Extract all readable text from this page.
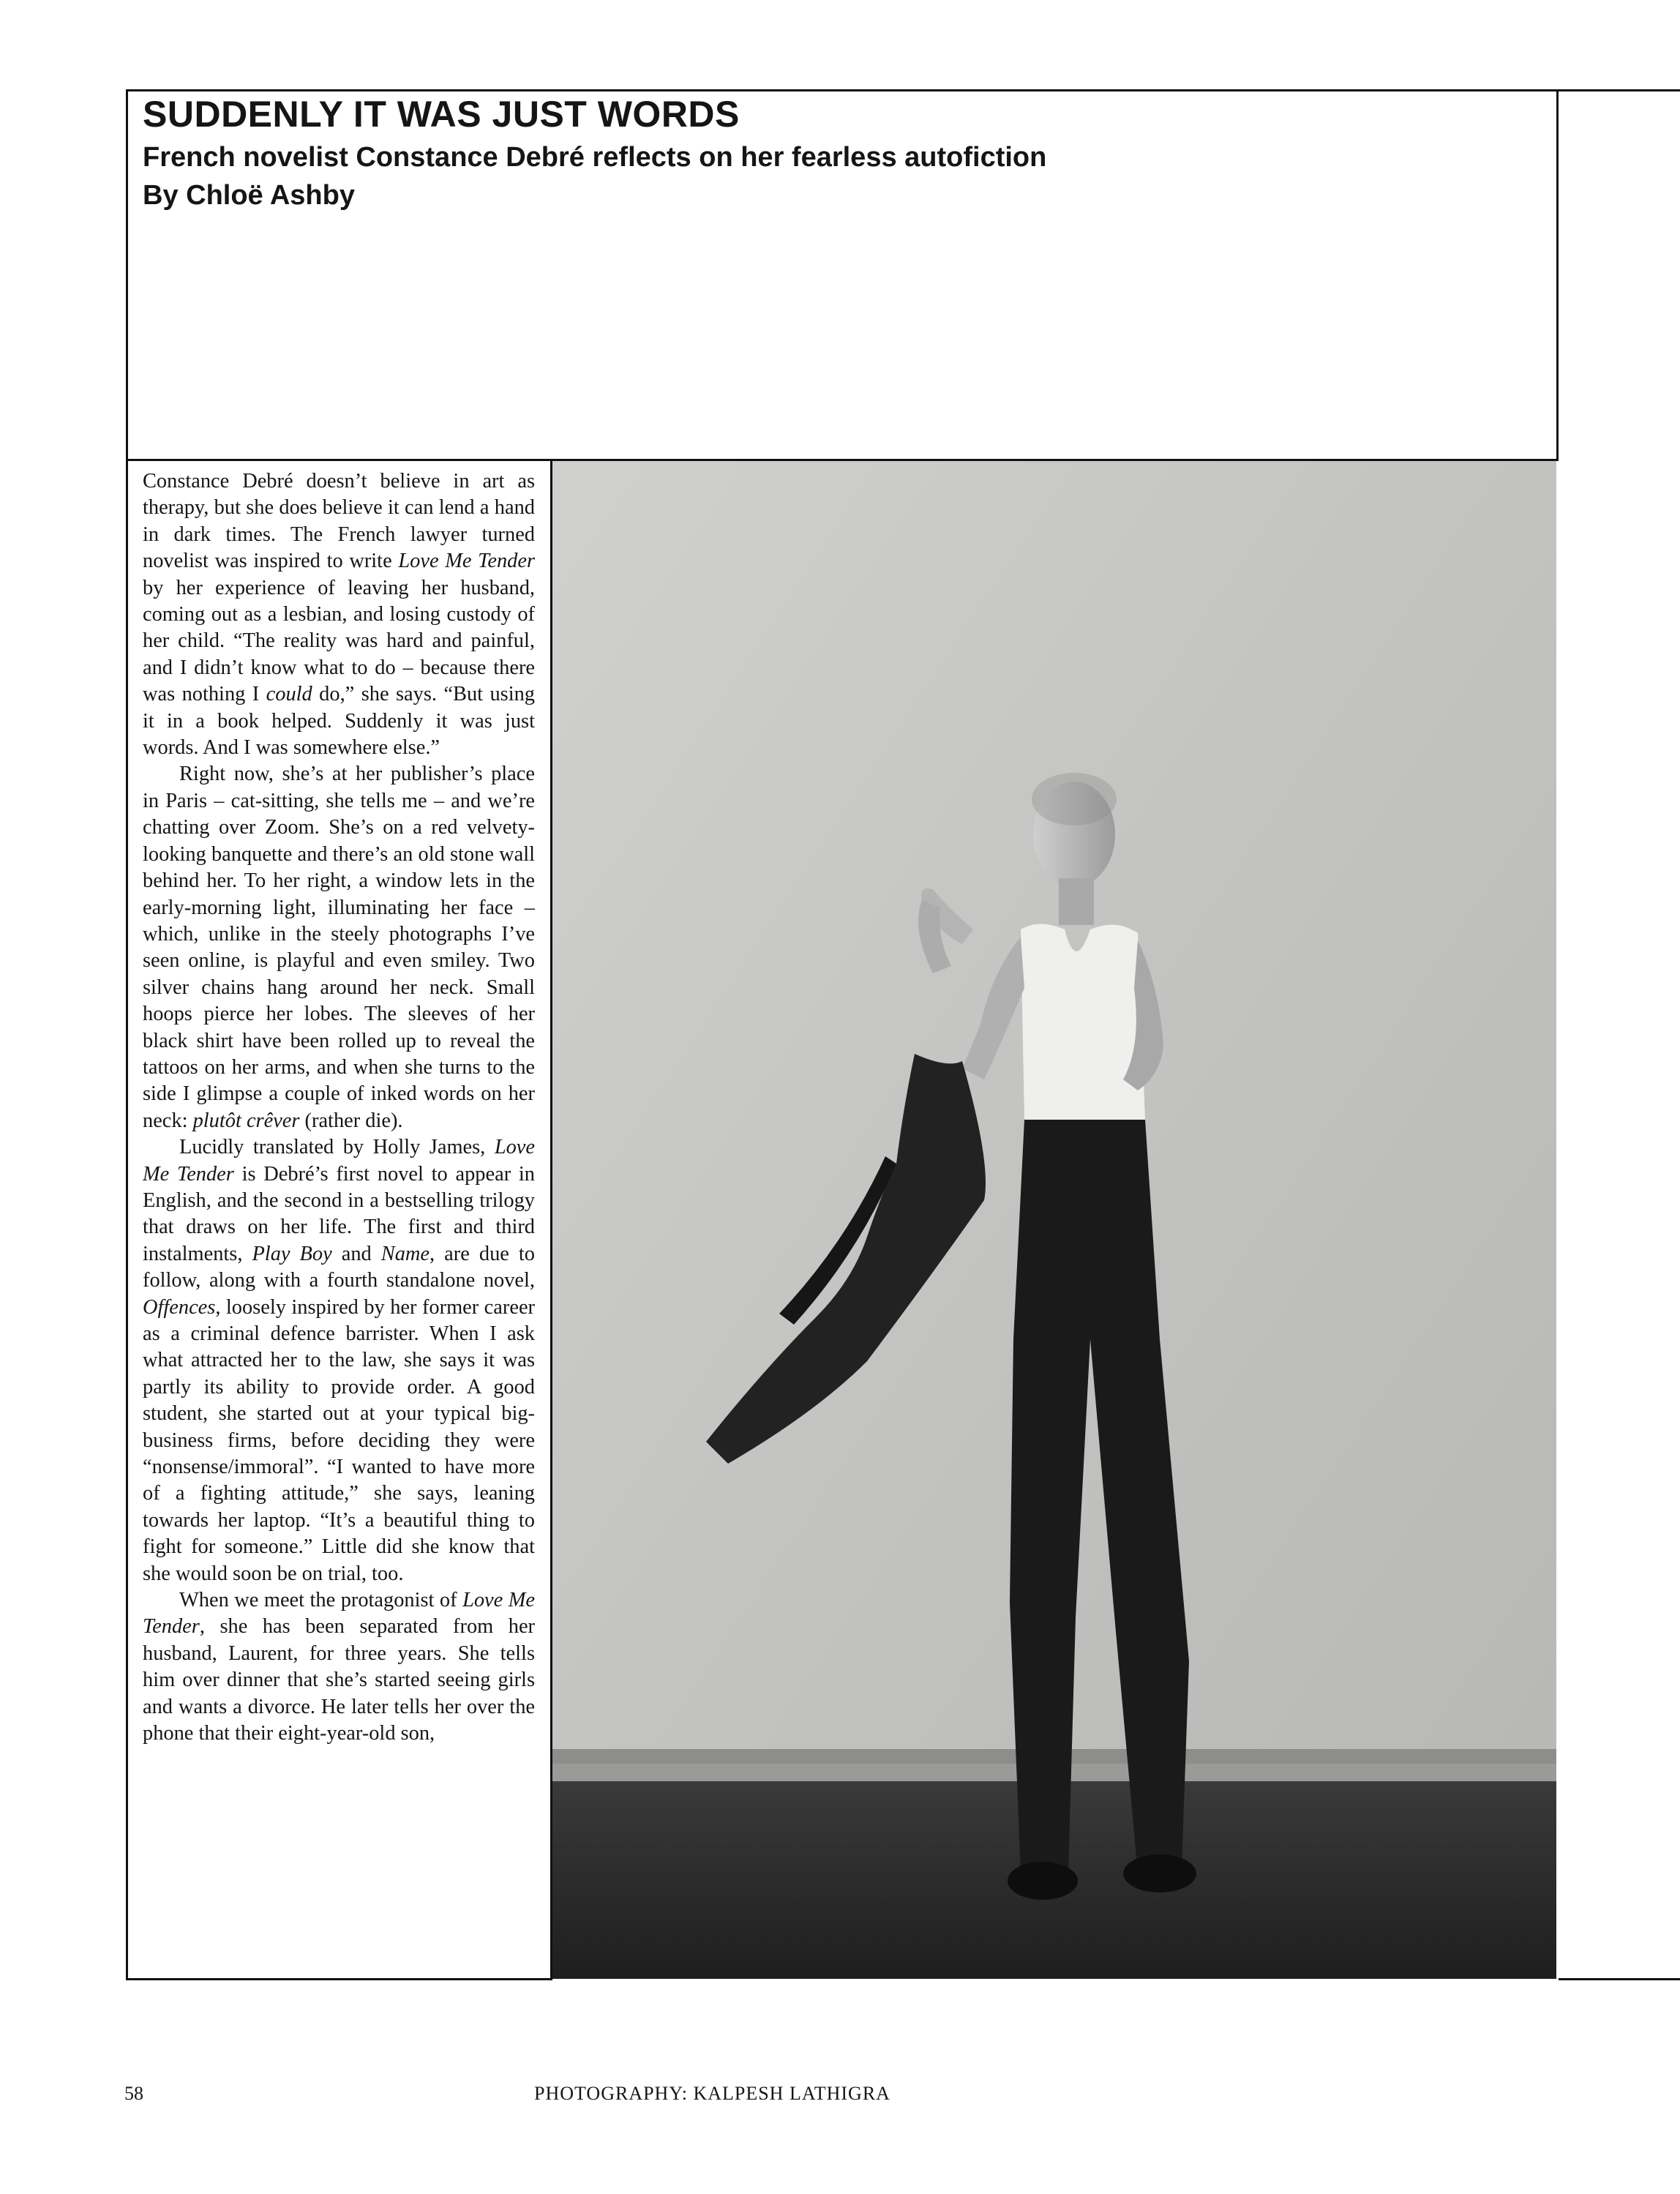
SUDDENLY IT WAS JUST WORDS
French novelist Constance Debré reflects on her fearless autofiction
By Chloë Ashby

Constance Debré doesn’t believe in art as therapy, but she does believe it can lend a hand in dark times. The French lawyer turned novelist was inspired to write Love Me Tender by her experience of leaving her husband, coming out as a lesbian, and losing custody of her child. “The reality was hard and painful, and I didn’t know what to do – because there was nothing I could do,” she says. “But using it in a book helped. Suddenly it was just words. And I was somewhere else.”

Right now, she’s at her publisher’s place in Paris – cat-sitting, she tells me – and we’re chatting over Zoom. She’s on a red velvety-looking banquette and there’s an old stone wall behind her. To her right, a window lets in the early-morning light, illuminating her face – which, unlike in the steely photographs I’ve seen online, is playful and even smiley. Two silver chains hang around her neck. Small hoops pierce her lobes. The sleeves of her black shirt have been rolled up to reveal the tattoos on her arms, and when she turns to the side I glimpse a couple of inked words on her neck: plutôt crêver (rather die).

Lucidly translated by Holly James, Love Me Tender is Debré’s first novel to appear in English, and the second in a bestselling trilogy that draws on her life. The first and third instalments, Play Boy and Name, are due to follow, along with a fourth standalone novel, Offences, loosely inspired by her former career as a criminal defence barrister. When I ask what attracted her to the law, she says it was partly its ability to provide order. A good student, she started out at your typical big-business firms, before deciding they were “nonsense/immoral”. “I wanted to have more of a fighting attitude,” she says, leaning towards her laptop. “It’s a beautiful thing to fight for someone.” Little did she know that she would soon be on trial, too.

When we meet the protagonist of Love Me Tender, she has been separated from her husband, Laurent, for three years. She tells him over dinner that she’s started seeing girls and wants a divorce. He later tells her over the phone that their eight-year-old son,

58	PHOTOGRAPHY: KALPESH LATHIGRA
